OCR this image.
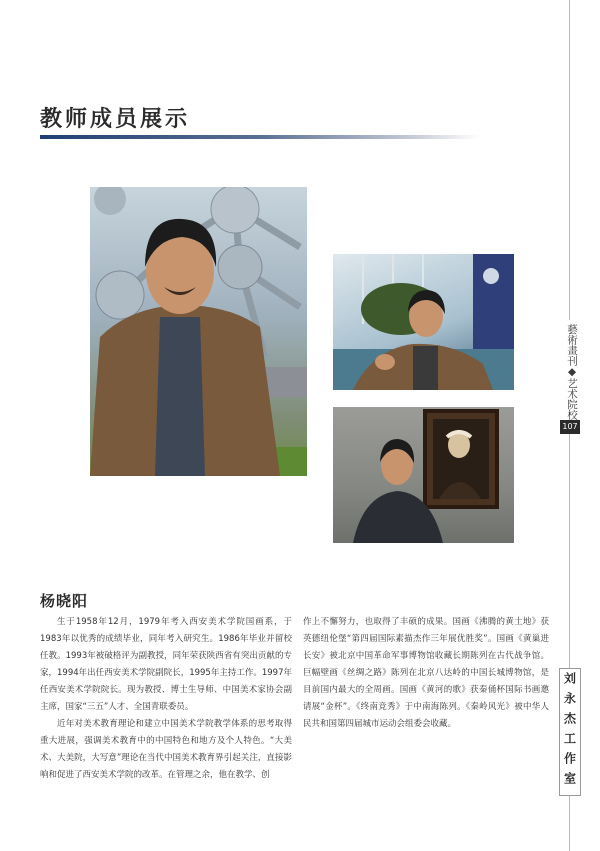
教师成员展示
藝術畫刊◆艺术院校
107
刘永杰工作室
杨晓阳

生于1958年12月，1979年考入西安美术学院国画系，于1983年以优秀的成绩毕业，同年考入研究生。1986年毕业并留校任教。1993年被破格评为副教授，同年荣获陕西省有突出贡献的专家，1994年出任西安美术学院副院长，1995年主持工作。1997年任西安美术学院院长。现为教授、博士生导师、中国美术家协会副主席，国家“三五”人才、全国青联委员。

近年对美术教育理论和建立中国美术学院教学体系的思考取得重大进展，强调美术教育中的中国特色和地方及个人特色。“大美术、大美院，大写意”理论在当代中国美术教育界引起关注，直接影响和促进了西安美术学院的改革。在管理之余，他在教学、创

作上不懈努力，也取得了丰硕的成果。国画《沸腾的黄土地》获英德纽伦堡“第四届国际素描杰作三年展优胜奖”。国画《黄巢进长安》被北京中国革命军事博物馆收藏长期陈列在古代战争馆。巨幅壁画《丝绸之路》陈列在北京八达岭的中国长城博物馆，是目前国内最大的全周画。国画《黄河的歌》获秦俑杯国际书画邀请展“金杯”。《终南竞秀》于中南海陈列。《秦岭风光》被中华人民共和国第四届城市运动会组委会收藏。
